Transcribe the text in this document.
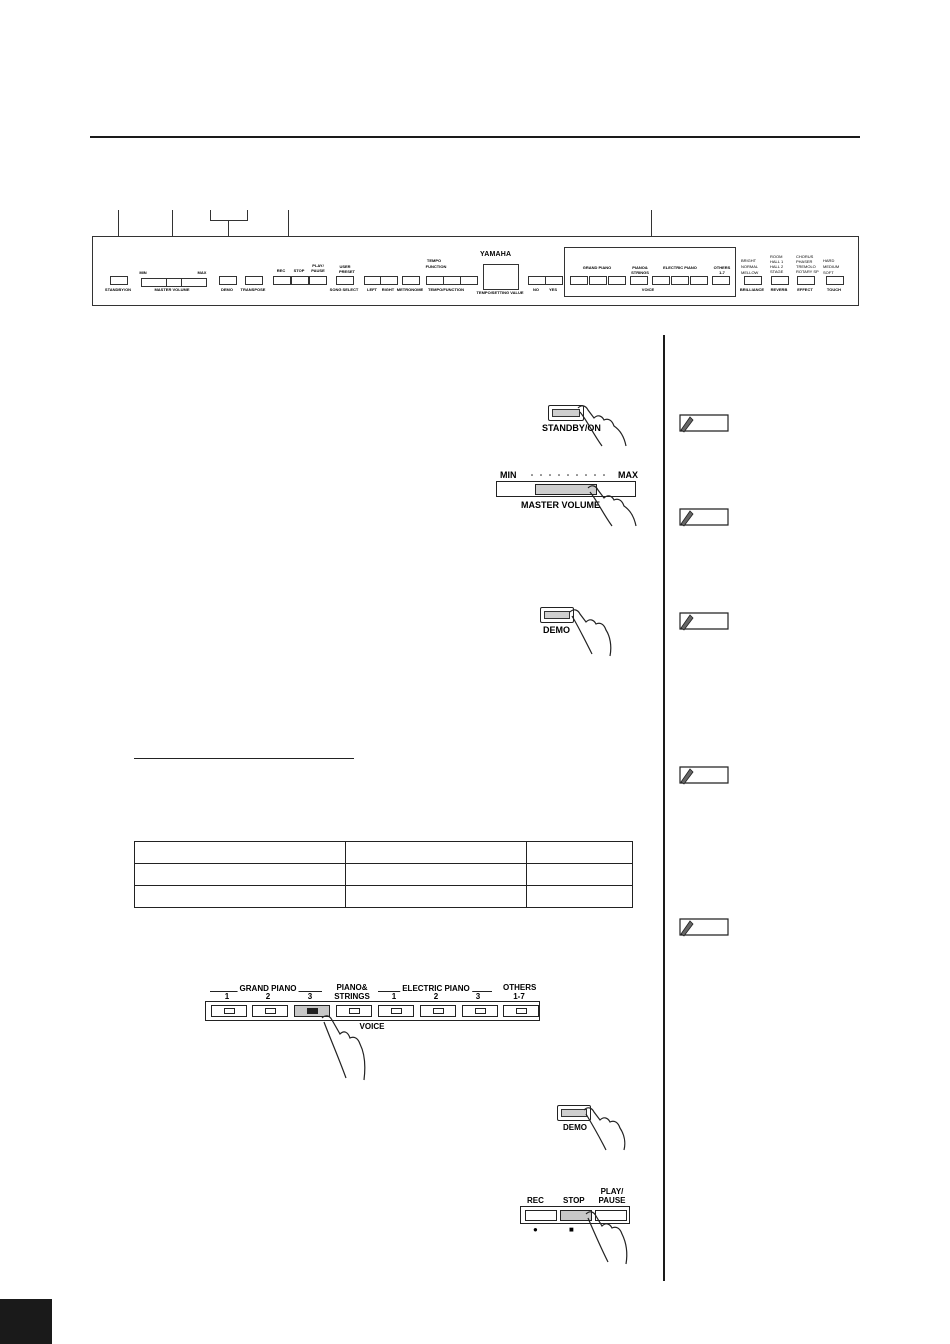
STANDBY/ON
MIN	MAX
MASTER VOLUME	DEMO TRANSPOSE
REC STOP
PLAY/ PAUSE
USER
PRESET
SONG SELECT LEFT RIGHT METRONOME
TEMPO
FUNCTION
TEMPO/FUNCTION
YAMAHA
TEMPO/SETTING VALUE
NO YES
GRAND PIANO	PIANO& STRINGS
ELECTRIC PIANO	OTHERS 1-7
VOICE
BRIGHT
NORMAL
MELLOW
BRILLIANCE
ROOM
HALL 1
HALL 2
STAGE
REVERB
CHORUS
PHASER
TREMOLO
ROTARY SP
EFFECT
HARD
MEDIUM
SOFT
TOUCH
STANDBY/ON
MIN	MAX
MASTER VOLUME
DEMO

GRAND PIANO	ELECTRIC PIANO
1	2	3
PIANO& STRINGS	1	2	3
OTHERS 1-7
VOICE
DEMO
REC STOP
PLAY/ PAUSE
●	■
